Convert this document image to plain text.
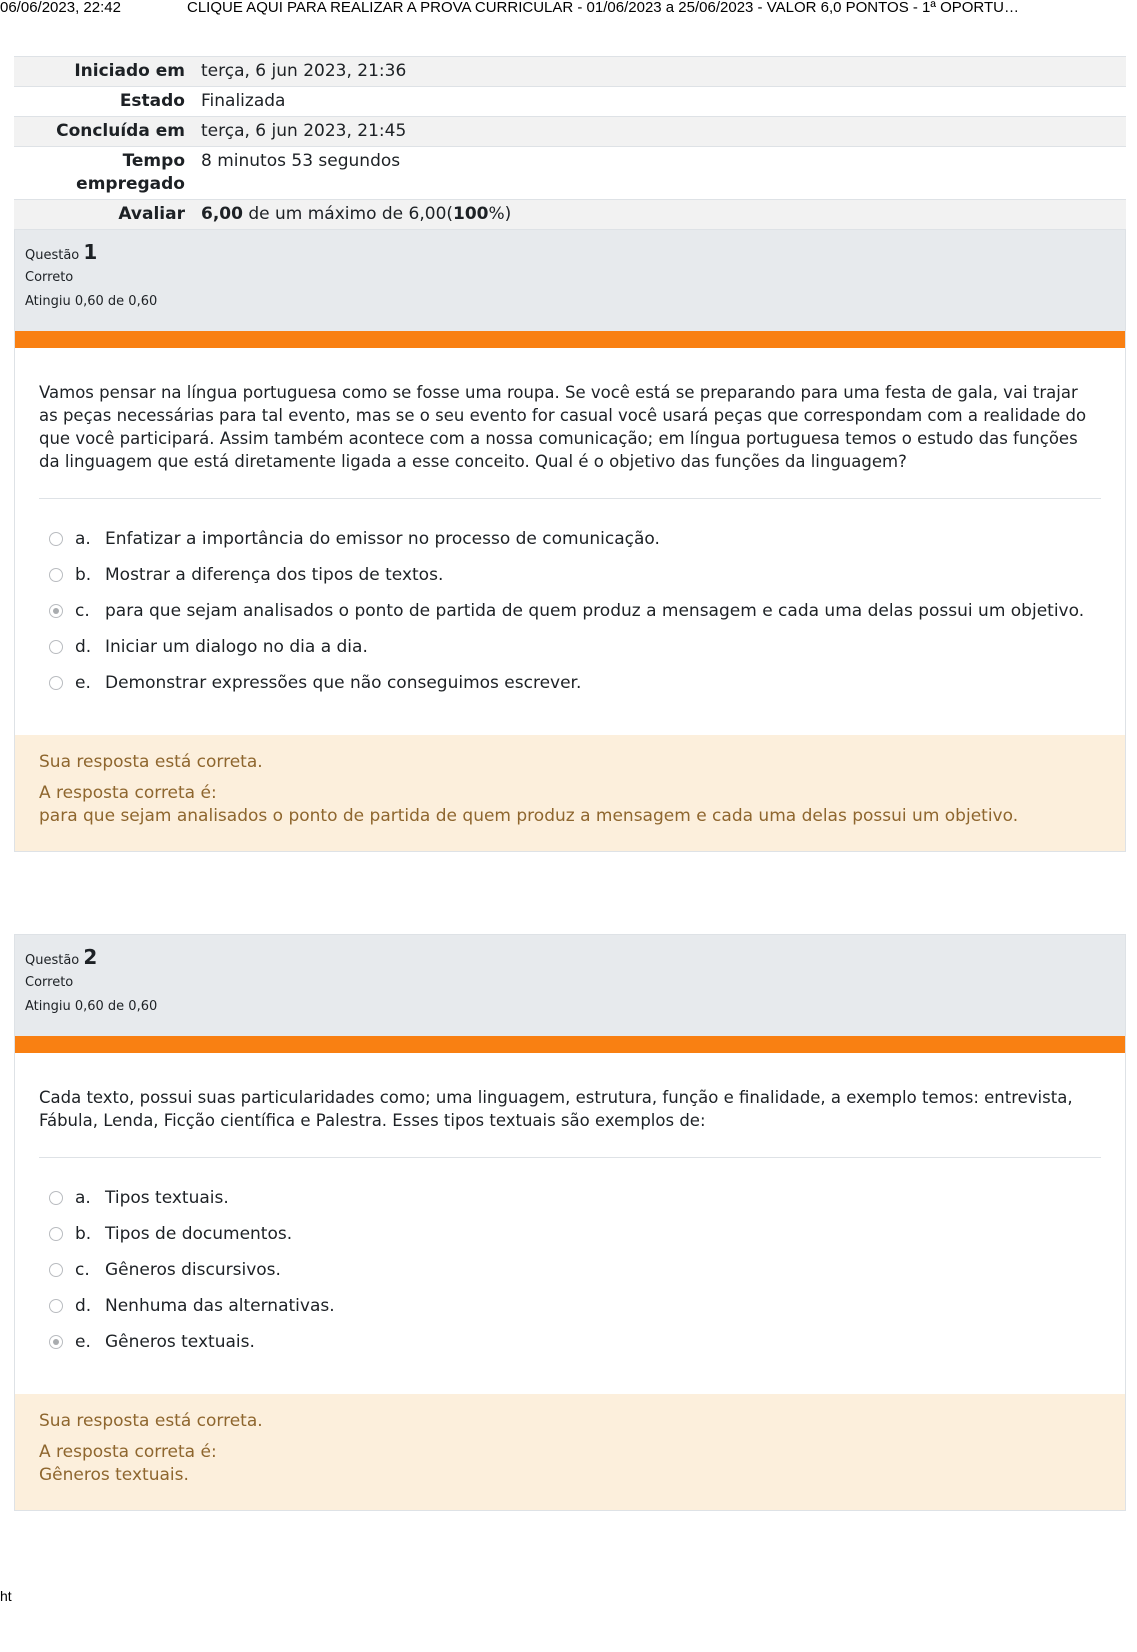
06/06/2023, 22:42	CLIQUE AQUI PARA REALIZAR A PROVA CURRICULAR - 01/06/2023 a 25/06/2023 - VALOR 6,0 PONTOS - 1ª OPORTU…
Iniciado em	terça, 6 jun 2023, 21:36
Estado	Finalizada
Concluída em	terça, 6 jun 2023, 21:45
Tempo
empregado	8 minutos 53 segundos
Avaliar	6,00 de um máximo de 6,00(100%)
Questão 1
Correto
Atingiu 0,60 de 0,60
Vamos pensar na língua portuguesa como se fosse uma roupa. Se você está se preparando para uma festa de gala, vai trajar as peças necessárias para tal evento, mas se o seu evento for casual você usará peças que correspondam com a realidade do que você participará. Assim também acontece com a nossa comunicação; em língua portuguesa temos o estudo das funções da linguagem que está diretamente ligada a esse conceito. Qual é o objetivo das funções da linguagem?
a. Enfatizar a importância do emissor no processo de comunicação.
b. Mostrar a diferença dos tipos de textos.
c. para que sejam analisados o ponto de partida de quem produz a mensagem e cada uma delas possui um objetivo.
d. Iniciar um dialogo no dia a dia.
e. Demonstrar expressões que não conseguimos escrever.
Sua resposta está correta.
A resposta correta é:
para que sejam analisados o ponto de partida de quem produz a mensagem e cada uma delas possui um objetivo.
Questão 2
Correto
Atingiu 0,60 de 0,60
Cada texto, possui suas particularidades como; uma linguagem, estrutura, função e finalidade, a exemplo temos: entrevista, Fábula, Lenda, Ficção científica e Palestra. Esses tipos textuais são exemplos de:
a. Tipos textuais.
b. Tipos de documentos.
c. Gêneros discursivos.
d. Nenhuma das alternativas.
e. Gêneros textuais.
Sua resposta está correta.
A resposta correta é:
Gêneros textuais.
ht
